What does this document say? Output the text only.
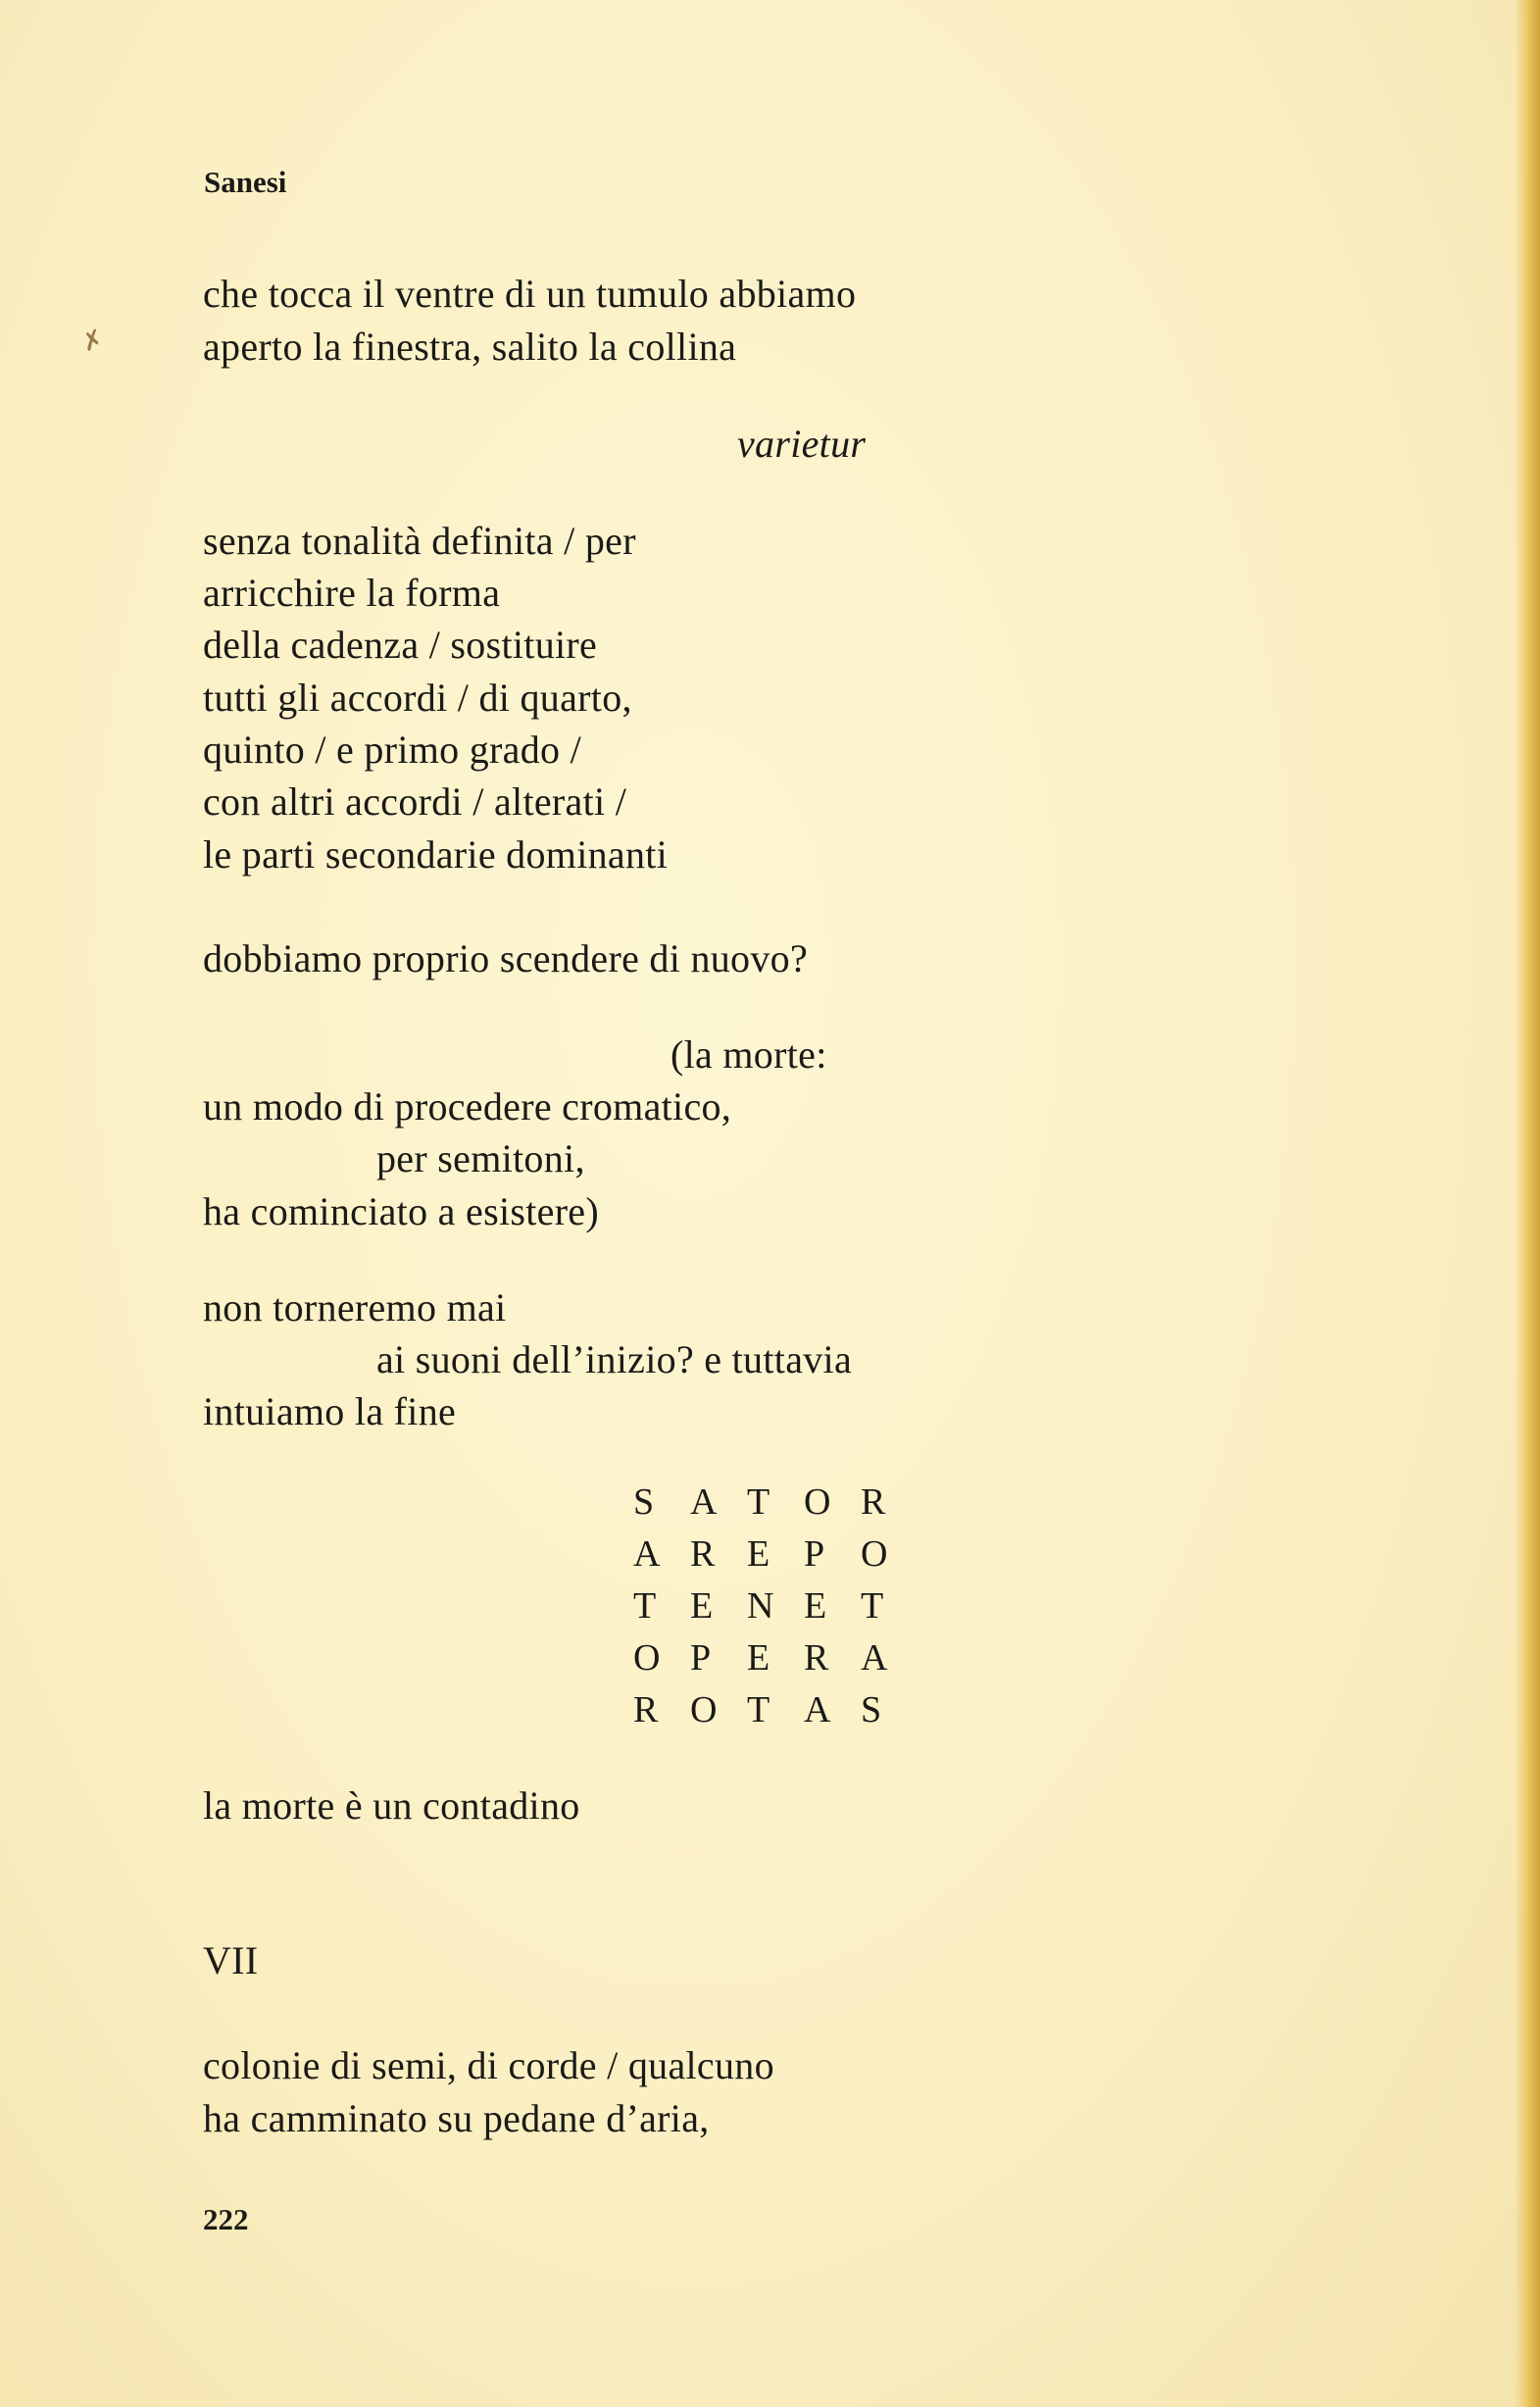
✗

Sanesi

che tocca il ventre di un tumulo abbiamo

aperto la finestra, salito la collina

varietur

senza tonalità definita / per

arricchire la forma

della cadenza / sostituire

tutti gli accordi / di quarto,

quinto / e primo grado /

con altri accordi / alterati /

le parti secondarie dominanti

dobbiamo proprio scendere di nuovo?

(la morte:

un modo di procedere cromatico,

per semitoni,

ha cominciato a esistere)

non torneremo mai

ai suoni dell’inizio? e tuttavia

intuiamo la fine

S	A	T	O	R
A	R	E	P	O
T	E	N	E	T
O	P	E	R	A
R	O	T	A	S

la morte è un contadino

VII

colonie di semi, di corde / qualcuno

ha camminato su pedane d’aria,

222
